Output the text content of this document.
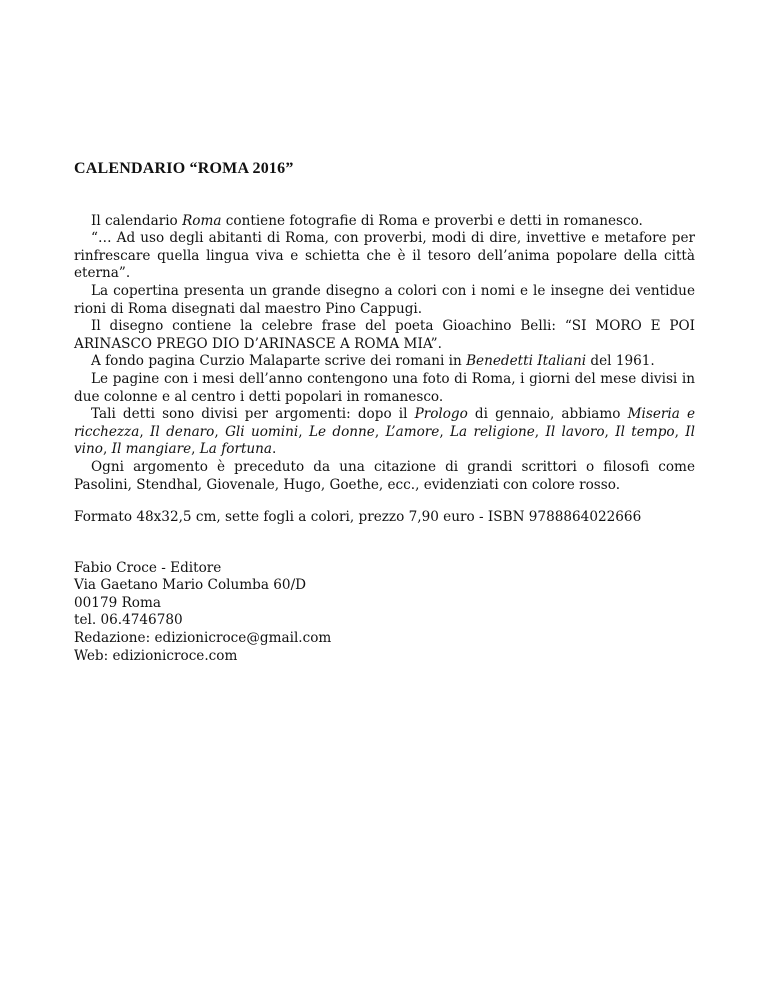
CALENDARIO “ROMA 2016”

Il calendario Roma contiene fotografie di Roma e proverbi e detti in romanesco.

“… Ad uso degli abitanti di Roma, con proverbi, modi di dire, invettive e metafore per rinfrescare quella lingua viva e schietta che è il tesoro dell’anima popolare della città eterna”.

La copertina presenta un grande disegno a colori con i nomi e le insegne dei ventidue rioni di Roma disegnati dal maestro Pino Cappugi.

Il disegno contiene la celebre frase del poeta Gioachino Belli: “SI MORO E POI ARINASCO PREGO DIO D’ARINASCE A ROMA MIA”.

A fondo pagina Curzio Malaparte scrive dei romani in Benedetti Italiani del 1961.

Le pagine con i mesi dell’anno contengono una foto di Roma, i giorni del mese divisi in due colonne e al centro i detti popolari in romanesco.

Tali detti sono divisi per argomenti: dopo il Prologo di gennaio, abbiamo Miseria e ricchezza, Il denaro, Gli uomini, Le donne, L’amore, La religione, Il lavoro, Il tempo, Il vino, Il mangiare, La fortuna.

Ogni argomento è preceduto da una citazione di grandi scrittori o filosofi come Pasolini, Stendhal, Giovenale, Hugo, Goethe, ecc., evidenziati con colore rosso.

Formato 48x32,5 cm, sette fogli a colori, prezzo 7,90 euro - ISBN 9788864022666

Fabio Croce - Editore
Via Gaetano Mario Columba 60/D
00179 Roma
tel. 06.4746780
Redazione: edizionicroce@gmail.com
Web: edizionicroce.com
